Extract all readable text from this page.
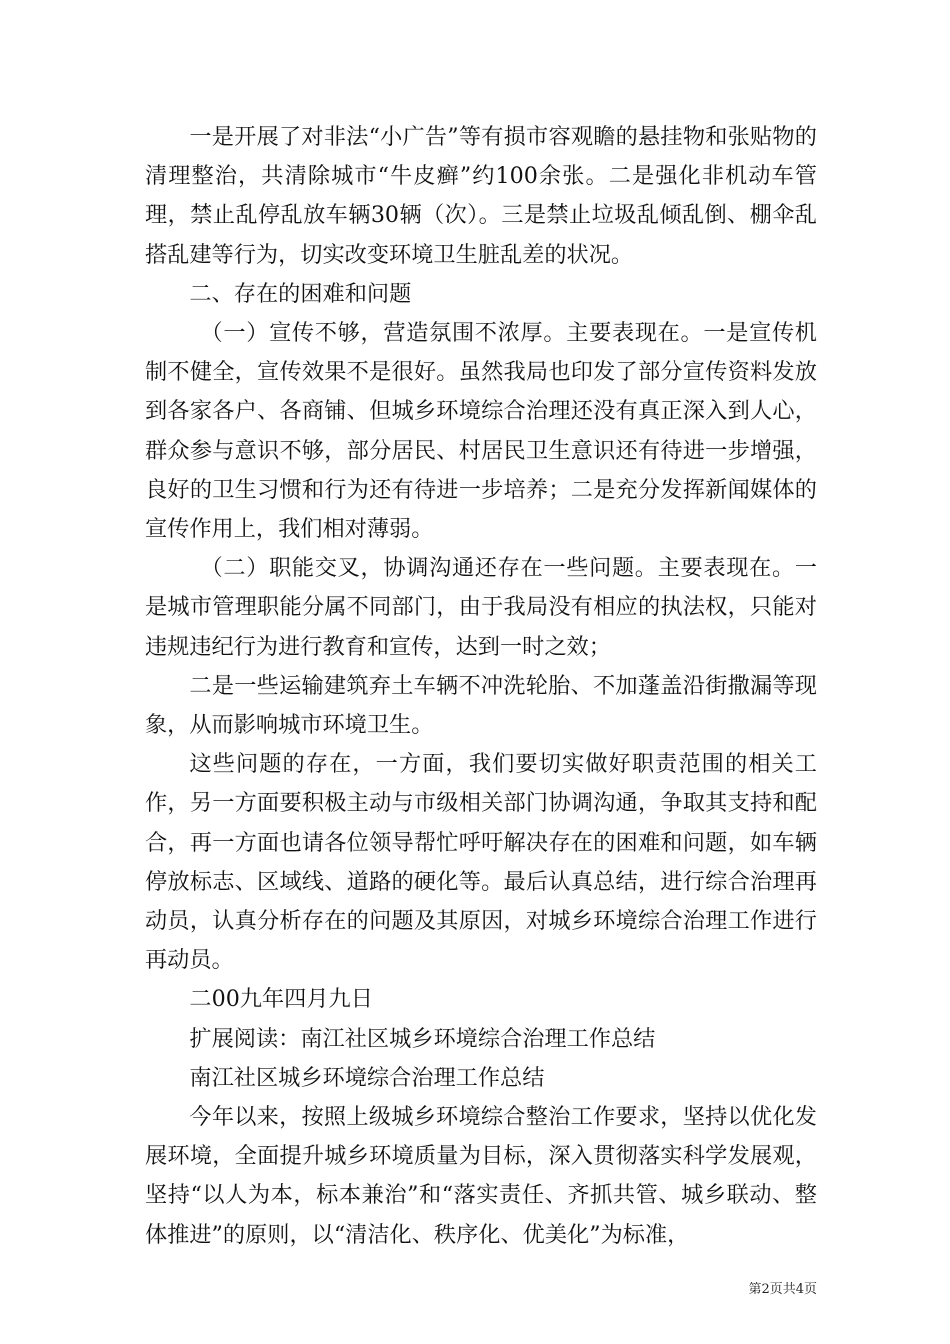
一是开展了对非法“小广告”等有损市容观瞻的悬挂物和张贴物的清理整治，共清除城市“牛皮癣”约100余张。二是强化非机动车管理，禁止乱停乱放车辆30辆（次）。三是禁止垃圾乱倾乱倒、棚伞乱搭乱建等行为，切实改变环境卫生脏乱差的状况。

二、存在的困难和问题

（一）宣传不够，营造氛围不浓厚。主要表现在。一是宣传机制不健全，宣传效果不是很好。虽然我局也印发了部分宣传资料发放到各家各户、各商铺、但城乡环境综合治理还没有真正深入到人心，群众参与意识不够，部分居民、村居民卫生意识还有待进一步增强，良好的卫生习惯和行为还有待进一步培养；二是充分发挥新闻媒体的宣传作用上，我们相对薄弱。

（二）职能交叉，协调沟通还存在一些问题。主要表现在。一是城市管理职能分属不同部门，由于我局没有相应的执法权，只能对违规违纪行为进行教育和宣传，达到一时之效；

二是一些运输建筑弃土车辆不冲洗轮胎、不加蓬盖沿街撒漏等现象，从而影响城市环境卫生。

这些问题的存在，一方面，我们要切实做好职责范围的相关工作，另一方面要积极主动与市级相关部门协调沟通，争取其支持和配合，再一方面也请各位领导帮忙呼吁解决存在的困难和问题，如车辆停放标志、区域线、道路的硬化等。最后认真总结，进行综合治理再动员，认真分析存在的问题及其原因，对城乡环境综合治理工作进行再动员。

二00九年四月九日

扩展阅读：南江社区城乡环境综合治理工作总结

南江社区城乡环境综合治理工作总结

今年以来，按照上级城乡环境综合整治工作要求，坚持以优化发展环境，全面提升城乡环境质量为目标，深入贯彻落实科学发展观，坚持“以人为本，标本兼治”和“落实责任、齐抓共管、城乡联动、整体推进”的原则，以“清洁化、秩序化、优美化”为标准，

第2页共4页
